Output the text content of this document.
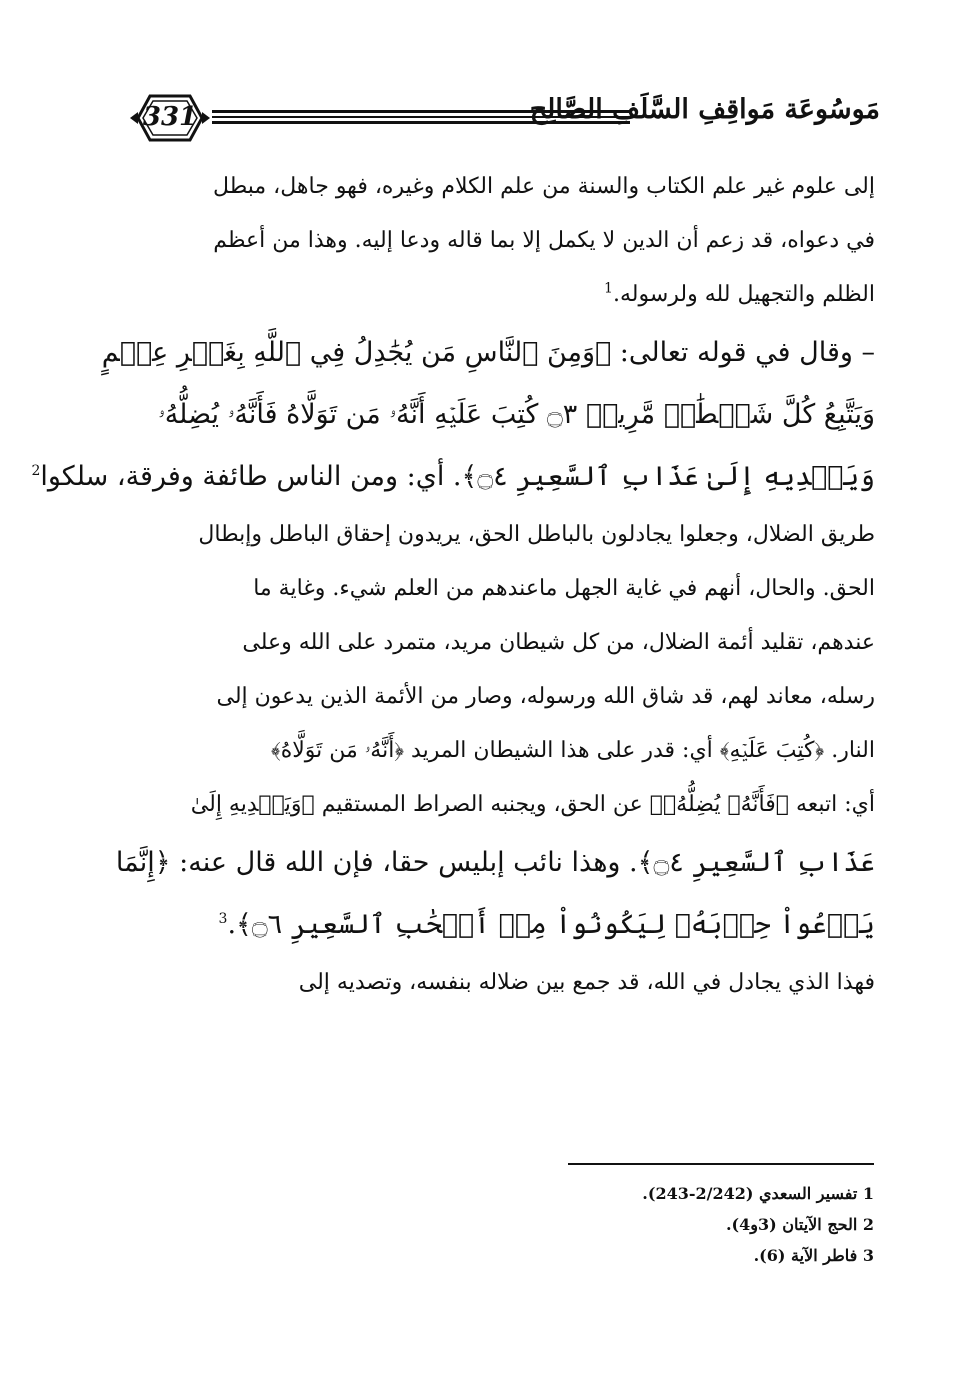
331	مَوسُوعَة مَواقِفِ السَّلَفِ الصَّالِح
إلى علوم غير علم الكتاب والسنة من علم الكلام وغيره، فهو جاهل، مبطل
في دعواه، قد زعم أن الدين لا يكمل إلا بما قاله ودعا إليه. وهذا من أعظم
الظلم والتجهيل لله ولرسوله.$^1$
– وقال في قوله تعالى: ﴿وَمِنَ ٱلنَّاسِ مَن يُجَٰدِلُ فِي ٱللَّهِ بِغَيۡرِ عِلۡمٍ
وَيَتَّبِعُ كُلَّ شَيۡطَٰنٖ مَّرِيدٖ ۝٣ كُتِبَ عَلَيۡهِ أَنَّهُۥ مَن تَوَلَّاهُ فَأَنَّهُۥ يُضِلُّهُۥ
وَيَهۡدِيهِ إِلَىٰ عَذَابِ ٱلسَّعِيرِ ۝٤﴾. أي: ومن الناس طائفة وفرقة، سلكوا$^2$
طريق الضلال، وجعلوا يجادلون بالباطل الحق، يريدون إحقاق الباطل وإبطال
الحق. والحال، أنهم في غاية الجهل ماعندهم من العلم شيء. وغاية ما
عندهم، تقليد أئمة الضلال، من كل شيطان مريد، متمرد على الله وعلى
رسله، معاند لهم، قد شاق الله ورسوله، وصار من الأئمة الذين يدعون إلى
النار. ﴿كُتِبَ عَلَيۡهِ﴾ أي: قدر على هذا الشيطان المريد ﴿أَنَّهُۥ مَن تَوَلَّاهُ﴾
أي: اتبعه ﴿فَأَنَّهُۥ يُضِلُّهُۥ﴾ عن الحق، ويجنبه الصراط المستقيم ﴿وَيَهۡدِيهِ إِلَىٰ
عَذَابِ ٱلسَّعِيرِ ۝٤﴾. وهذا نائب إبليس حقا، فإن الله قال عنه: ﴿إِنَّمَا
يَدۡعُواْ حِزۡبَهُۥ لِيَكُونُواْ مِنۡ أَصۡحَٰبِ ٱلسَّعِيرِ ۝٦﴾.$^3$
فهذا الذي يجادل في الله، قد جمع بين ضلاله بنفسه، وتصديه إلى
1 تفسير السعدي (2/242-243).
2 الحج الآيتان (3و4).
3 فاطر الآية (6).
